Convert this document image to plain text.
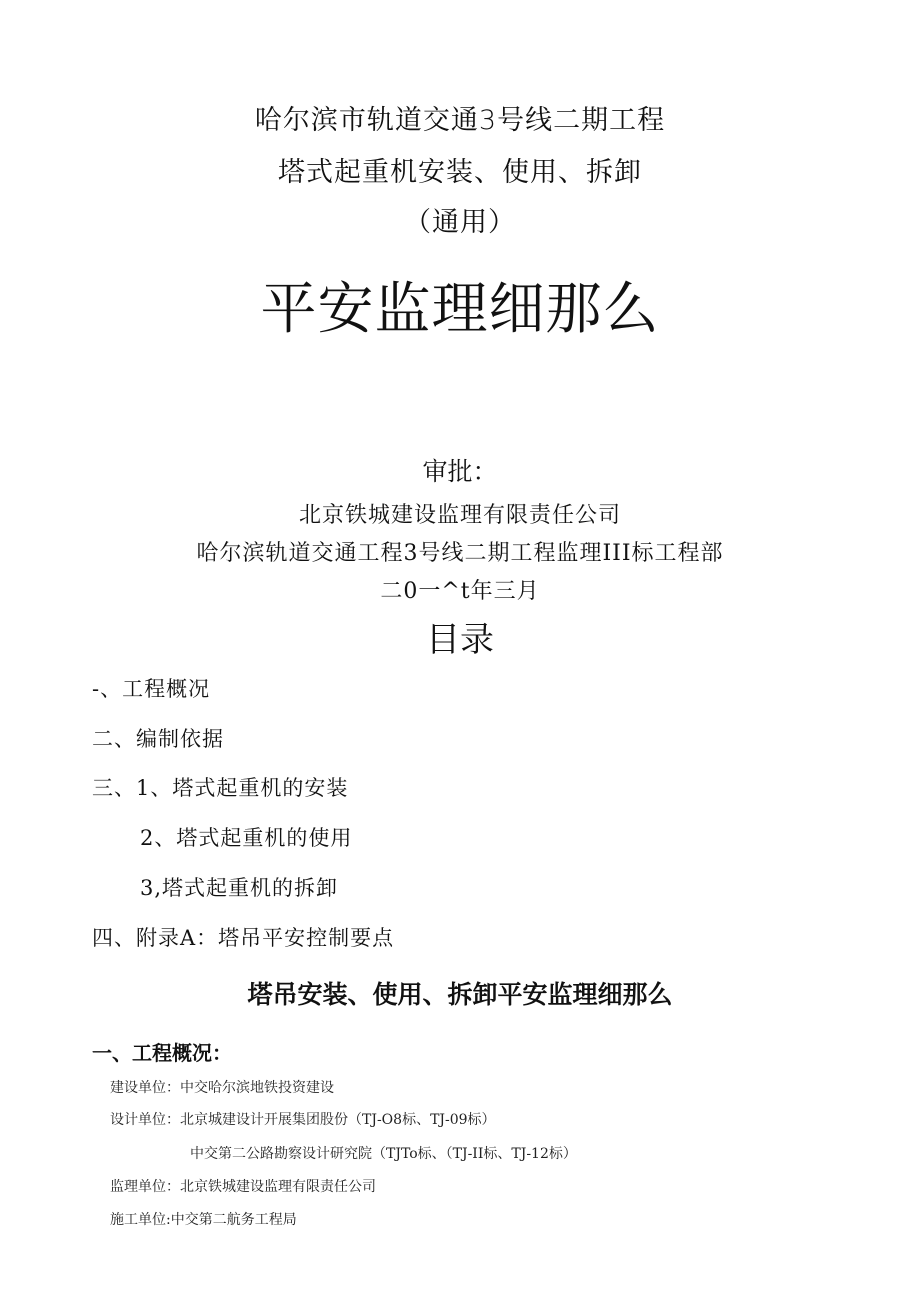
哈尔滨市轨道交通3号线二期工程
塔式起重机安装、使用、拆卸
（通用）
平安监理细那么
审批：
北京铁城建设监理有限责任公司
哈尔滨轨道交通工程3号线二期工程监理III标工程部
二0一^t年三月
目录
-、工程概况
二、编制依据
三、1、塔式起重机的安装
2、塔式起重机的使用
3,塔式起重机的拆卸
四、附录A：塔吊平安控制要点
塔吊安装、使用、拆卸平安监理细那么
一、工程概况：
建设单位：中交哈尔滨地铁投资建设
设计单位：北京城建设计开展集团股份（TJ-O8标、TJ-09标）
中交第二公路勘察设计研究院（TJTo标、（TJ-II标、TJ-12标）
监理单位：北京铁城建设监理有限责任公司
施工单位:中交第二航务工程局
